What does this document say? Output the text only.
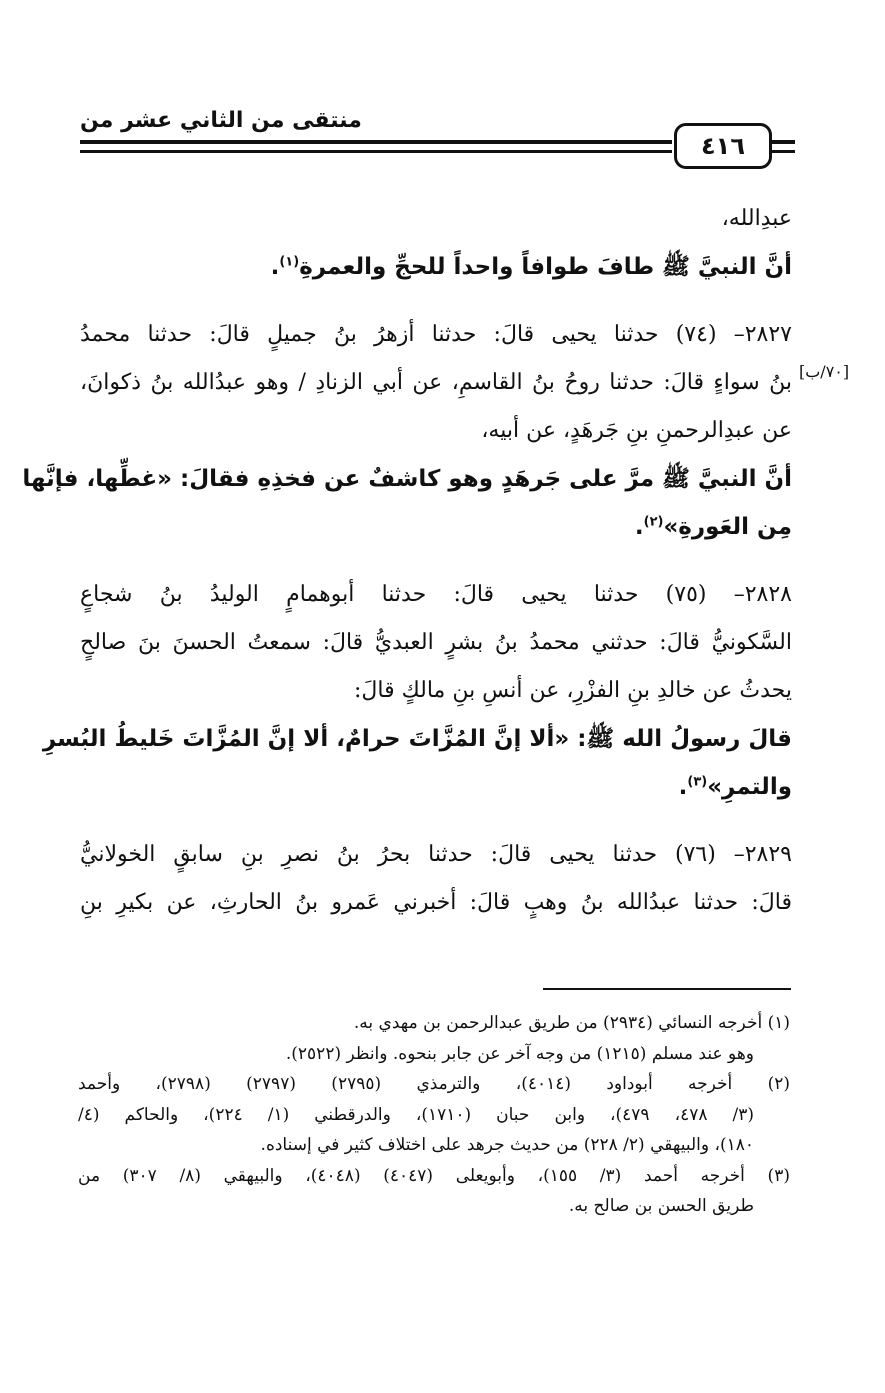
منتقى من الثاني عشر من
٤١٦
[٧٠/ب]
عبدِالله،
أنَّ النبيَّ ﷺ طافَ طوافاً واحداً للحجِّ والعمرةِ$^{(١)}$.
٢٨٢٧– (٧٤) حدثنا يحيى قالَ: حدثنا أزهرُ بنُ جميلٍ قالَ: حدثنا محمدُ
بنُ سواءٍ قالَ: حدثنا روحُ بنُ القاسمِ، عن أبي الزنادِ / وهو عبدُالله بنُ ذكوانَ،
عن عبدِالرحمنِ بنِ جَرهَدٍ، عن أبيه،
أنَّ النبيَّ ﷺ مرَّ على جَرهَدٍ وهو كاشفٌ عن فخذِهِ فقالَ: «غطِّها، فإنَّها
مِن العَورةِ»$^{(٢)}$.
٢٨٢٨– (٧٥) حدثنا يحيى قالَ: حدثنا أبوهمامٍ الوليدُ بنُ شجاعٍ
السَّكونيُّ قالَ: حدثني محمدُ بنُ بشرٍ العبديُّ قالَ: سمعتُ الحسنَ بنَ صالحٍ
يحدثُ عن خالدِ بنِ الفزْرِ، عن أنسِ بنِ مالكٍ قالَ:
قالَ رسولُ الله ﷺ: «ألا إنَّ المُزَّاتَ حرامٌ، ألا إنَّ المُزَّاتَ خَليطُ البُسرِ
والتمرِ»$^{(٣)}$.
٢٨٢٩– (٧٦) حدثنا يحيى قالَ: حدثنا بحرُ بنُ نصرِ بنِ سابقٍ الخولانيُّ
قالَ: حدثنا عبدُالله بنُ وهبٍ قالَ: أخبرني عَمرو بنُ الحارثِ، عن بكيرِ بنِ
(١) أخرجه النسائي (٢٩٣٤) من طريق عبدالرحمن بن مهدي به.
وهو عند مسلم (١٢١٥) من وجه آخر عن جابر بنحوه. وانظر (٢٥٢٢).
(٢) أخرجه أبوداود (٤٠١٤)، والترمذي (٢٧٩٥) (٢٧٩٧) (٢٧٩٨)، وأحمد
(٣/ ٤٧٨، ٤٧٩)، وابن حبان (١٧١٠)، والدرقطني (١/ ٢٢٤)، والحاكم (٤/
١٨٠)، والبيهقي (٢/ ٢٢٨) من حديث جرهد على اختلاف كثير في إسناده.
(٣) أخرجه أحمد (٣/ ١٥٥)، وأبويعلى (٤٠٤٧) (٤٠٤٨)، والبيهقي (٨/ ٣٠٧) من
طريق الحسن بن صالح به.
